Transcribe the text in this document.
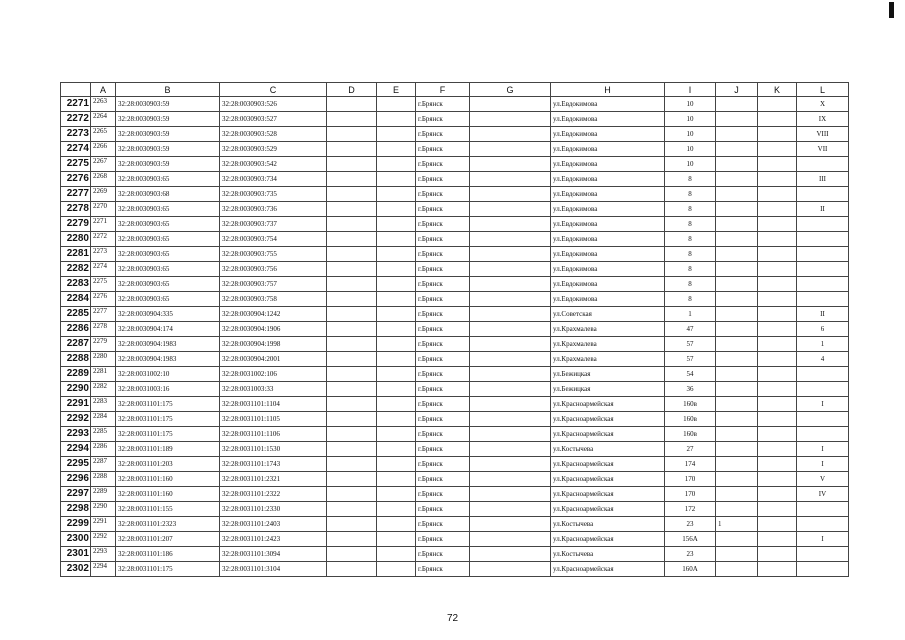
	A	B	C	D	E	F	G	H	I	J	K	L
2271	2263	32:28:0030903:59	32:28:0030903:526			г.Брянск		ул.Евдокимова	10			X
2272	2264	32:28:0030903:59	32:28:0030903:527			г.Брянск		ул.Евдокимова	10			IX
2273	2265	32:28:0030903:59	32:28:0030903:528			г.Брянск		ул.Евдокимова	10			VIII
2274	2266	32:28:0030903:59	32:28:0030903:529			г.Брянск		ул.Евдокимова	10			VII
2275	2267	32:28:0030903:59	32:28:0030903:542			г.Брянск		ул.Евдокимова	10			
2276	2268	32:28:0030903:65	32:28:0030903:734			г.Брянск		ул.Евдокимова	8			III
2277	2269	32:28:0030903:68	32:28:0030903:735			г.Брянск		ул.Евдокимова	8			
2278	2270	32:28:0030903:65	32:28:0030903:736			г.Брянск		ул.Евдокимова	8			II
2279	2271	32:28:0030903:65	32:28:0030903:737			г.Брянск		ул.Евдокимова	8			
2280	2272	32:28:0030903:65	32:28:0030903:754			г.Брянск		ул.Евдокимова	8			
2281	2273	32:28:0030903:65	32:28:0030903:755			г.Брянск		ул.Евдокимова	8			
2282	2274	32:28:0030903:65	32:28:0030903:756			г.Брянск		ул.Евдокимова	8			
2283	2275	32:28:0030903:65	32:28:0030903:757			г.Брянск		ул.Евдокимова	8			
2284	2276	32:28:0030903:65	32:28:0030903:758			г.Брянск		ул.Евдокимова	8			
2285	2277	32:28:0030904:335	32:28:0030904:1242			г.Брянск		ул.Советская	1			II
2286	2278	32:28:0030904:174	32:28:0030904:1906			г.Брянск		ул.Крахмалева	47			6
2287	2279	32:28:0030904:1983	32:28:0030904:1998			г.Брянск		ул.Крахмалева	57			1
2288	2280	32:28:0030904:1983	32:28:0030904:2001			г.Брянск		ул.Крахмалева	57			4
2289	2281	32:28:0031002:10	32:28:0031002:106			г.Брянск		ул.Бежицкая	54			
2290	2282	32:28:0031003:16	32:28:0031003:33			г.Брянск		ул.Бежицкая	36			
2291	2283	32:28:0031101:175	32:28:0031101:1104			г.Брянск		ул.Красноармейская	160в			I
2292	2284	32:28:0031101:175	32:28:0031101:1105			г.Брянск		ул.Красноармейская	160в			
2293	2285	32:28:0031101:175	32:28:0031101:1106			г.Брянск		ул.Красноармейская	160в			
2294	2286	32:28:0031101:189	32:28:0031101:1530			г.Брянск		ул.Костычева	27			I
2295	2287	32:28:0031101:203	32:28:0031101:1743			г.Брянск		ул.Красноармейская	174			I
2296	2288	32:28:0031101:160	32:28:0031101:2321			г.Брянск		ул.Красноармейская	170			V
2297	2289	32:28:0031101:160	32:28:0031101:2322			г.Брянск		ул.Красноармейская	170			IV
2298	2290	32:28:0031101:155	32:28:0031101:2330			г.Брянск		ул.Красноармейская	172			
2299	2291	32:28:0031101:2323	32:28:0031101:2403			г.Брянск		ул.Костычева	23	1		
2300	2292	32:28:0031101:207	32:28:0031101:2423			г.Брянск		ул.Красноармейская	156А			I
2301	2293	32:28:0031101:186	32:28:0031101:3094			г.Брянск		ул.Костычева	23			
2302	2294	32:28:0031101:175	32:28:0031101:3104			г.Брянск		ул.Красноармейская	160А			
72
